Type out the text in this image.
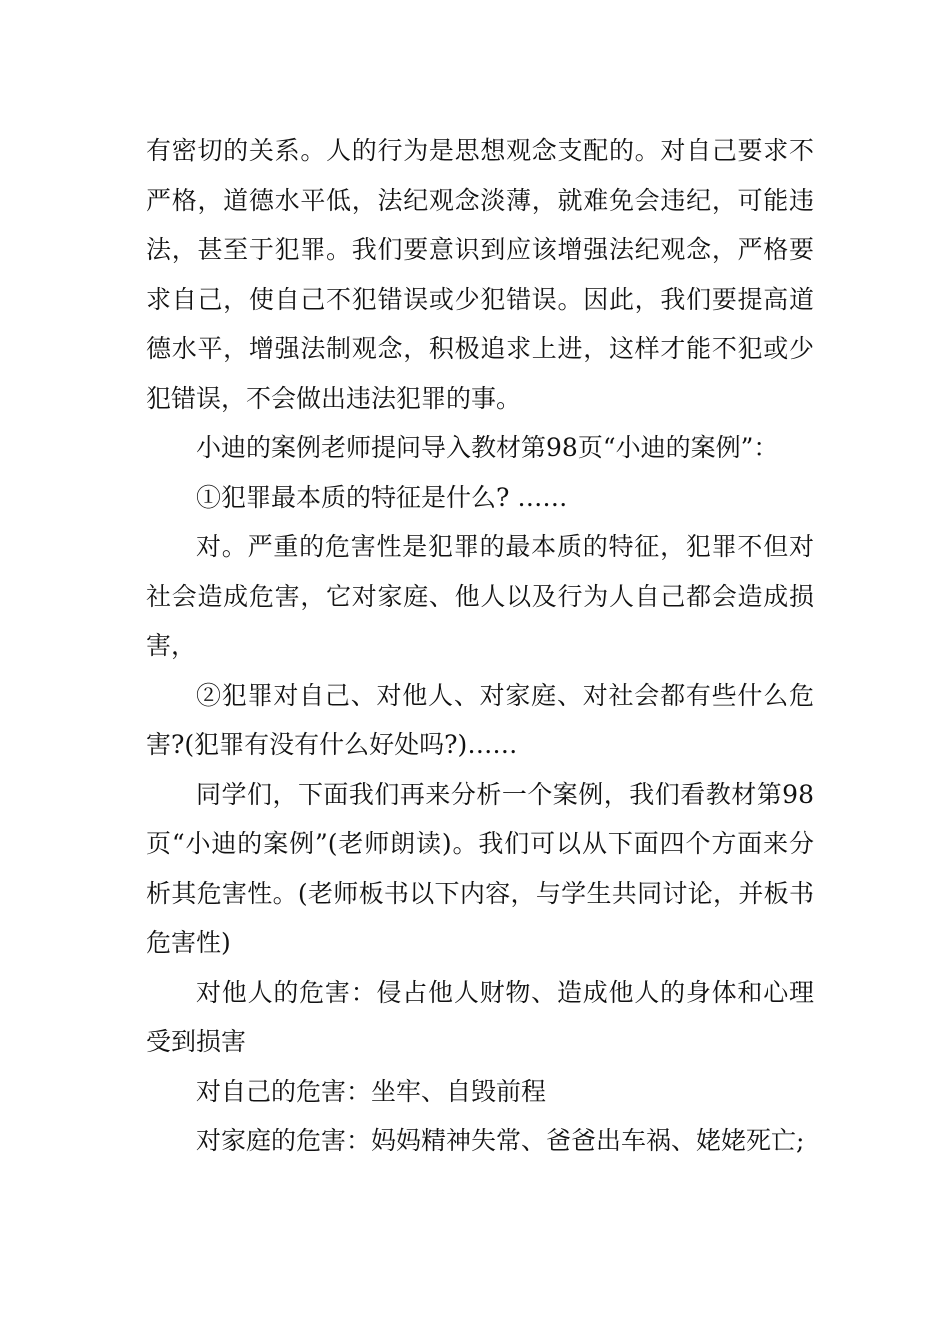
有密切的关系。人的行为是思想观念支配的。对自己要求不严格，道德水平低，法纪观念淡薄，就难免会违纪，可能违法，甚至于犯罪。我们要意识到应该增强法纪观念，严格要求自己，使自己不犯错误或少犯错误。因此，我们要提高道德水平，增强法制观念，积极追求上进，这样才能不犯或少犯错误，不会做出违法犯罪的事。

小迪的案例老师提问导入教材第98页“小迪的案例”：

①犯罪最本质的特征是什么? ……

对。严重的危害性是犯罪的最本质的特征，犯罪不但对社会造成危害，它对家庭、他人以及行为人自己都会造成损害，

②犯罪对自己、对他人、对家庭、对社会都有些什么危害?(犯罪有没有什么好处吗?)……

同学们，下面我们再来分析一个案例，我们看教材第98页“小迪的案例”(老师朗读)。我们可以从下面四个方面来分析其危害性。(老师板书以下内容，与学生共同讨论，并板书危害性)

对他人的危害：侵占他人财物、造成他人的身体和心理受到损害

对自己的危害：坐牢、自毁前程

对家庭的危害：妈妈精神失常、爸爸出车祸、姥姥死亡;
